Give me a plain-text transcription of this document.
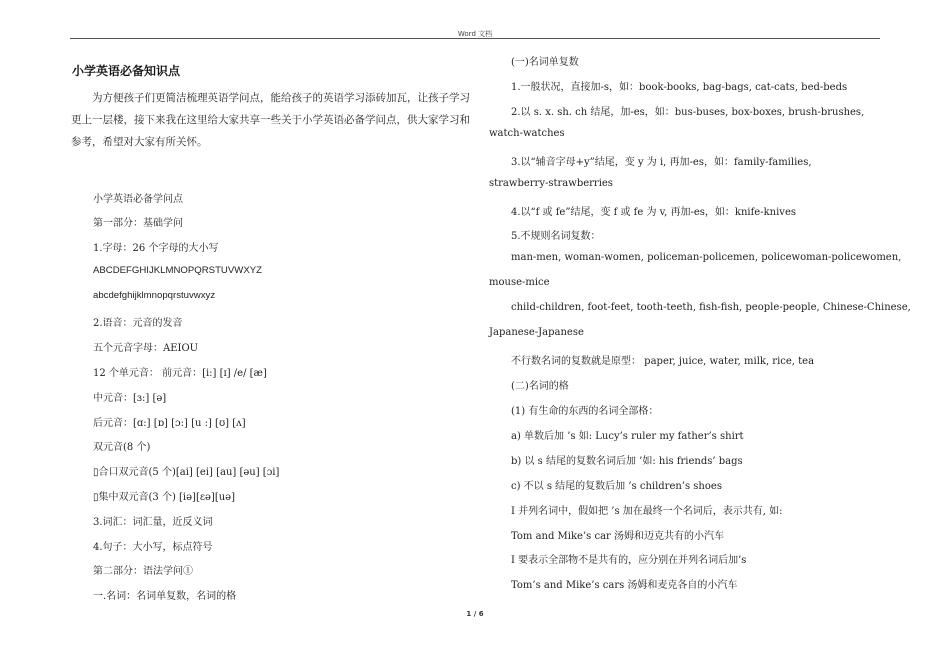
Word 文档
小学英语必备知识点
为方便孩子们更简洁梳理英语学问点，能给孩子的英语学习添砖加瓦，让孩子学习更上一层楼，接下来我在这里给大家共享一些关于小学英语必备学问点，供大家学习和参考，希望对大家有所关怀。
小学英语必备学问点
第一部分：基础学问
1.字母：26 个字母的大小写
ABCDEFGHIJKLMNOPQRSTUVWXYZ
abcdefghijklmnopqrstuvwxyz
2.语音：元音的发音
五个元音字母：AEIOU
12 个单元音： 前元音：[i:] [ɪ] /e/ [æ]
中元音：[ɜ:] [ə]
后元音：[ɑ:] [ɒ] [ɔ:] [u :] [ʊ] [ʌ]
双元音(8 个)
▯合口双元音(5 个)[ai] [ei] [au] [əu] [ɔi]
▯集中双元音(3 个) [iə][ɛə][uə]
3.词汇：词汇量，近反义词
4.句子：大小写，标点符号
第二部分：语法学问①
一.名词：名词单复数，名词的格
(一)名词单复数
1.一般状况，直接加-s，如：book-books, bag-bags, cat-cats, bed-beds
2.以 s. x. sh. ch 结尾，加-es，如：bus-buses, box-boxes, brush-brushes,
watch-watches
3.以“辅音字母+y”结尾，变 y 为 i, 再加-es，如：family-families,
strawberry-strawberries
4.以“f 或 fe”结尾，变 f 或 fe 为 v, 再加-es，如：knife-knives
5.不规则名词复数：
man-men, woman-women, policeman-policemen, policewoman-policewomen,
mouse-mice
child-children, foot-feet, tooth-teeth, fish-fish, people-people, Chinese-Chinese,
Japanese-Japanese
不行数名词的复数就是原型： paper, juice, water, milk, rice, tea
(二)名词的格
(1) 有生命的东西的名词全部格：
a) 单数后加 ’s 如: Lucy’s ruler my father’s shirt
b) 以 s 结尾的复数名词后加 ’如: his friends’ bags
c) 不以 s 结尾的复数后加 ’s children’s shoes
I 并列名词中，假如把 ’s 加在最终一个名词后，表示共有, 如:
Tom and Mike’s car 汤姆和迈克共有的小汽车
I 要表示全部物不是共有的，应分别在并列名词后加’s
Tom’s and Mike’s cars 汤姆和麦克各自的小汽车
1 / 6
